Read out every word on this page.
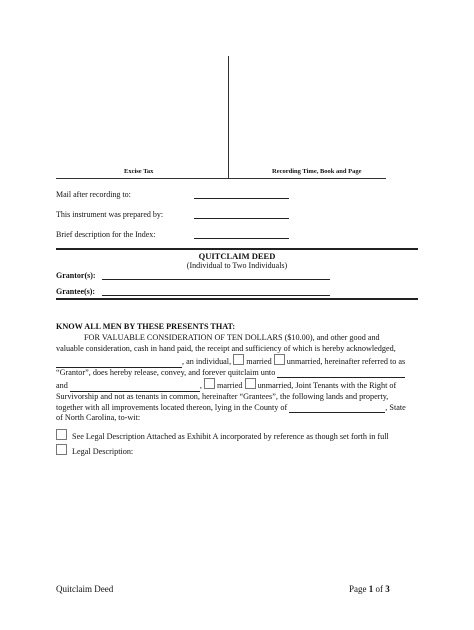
Excise Tax	Recording Time, Book and Page
Mail after recording to:
This instrument was prepared by:
Brief description for the Index:
QUITCLAIM DEED
(Individual to Two Individuals)
Grantor(s):
Grantee(s):
KNOW ALL MEN BY THESE PRESENTS THAT:
FOR VALUABLE CONSIDERATION OF TEN DOLLARS ($10.00), and other good and
valuable consideration, cash in hand paid, the receipt and sufficiency of which is hereby acknowledged,
, an individual, married unmarried, hereinafter referred to as
“Grantor”, does hereby release, convey, and forever quitclaim unto
and	,  married unmarried, Joint Tenants with the Right of
Survivorship and not as tenants in common, hereinafter “Grantees”, the following lands and property,
together with all improvements located thereon, lying in the County of	, State
of North Carolina, to-wit:
See Legal Description Attached as Exhibit A incorporated by reference as though set forth in full
Legal Description:
Quitclaim Deed	Page 1 of 3
